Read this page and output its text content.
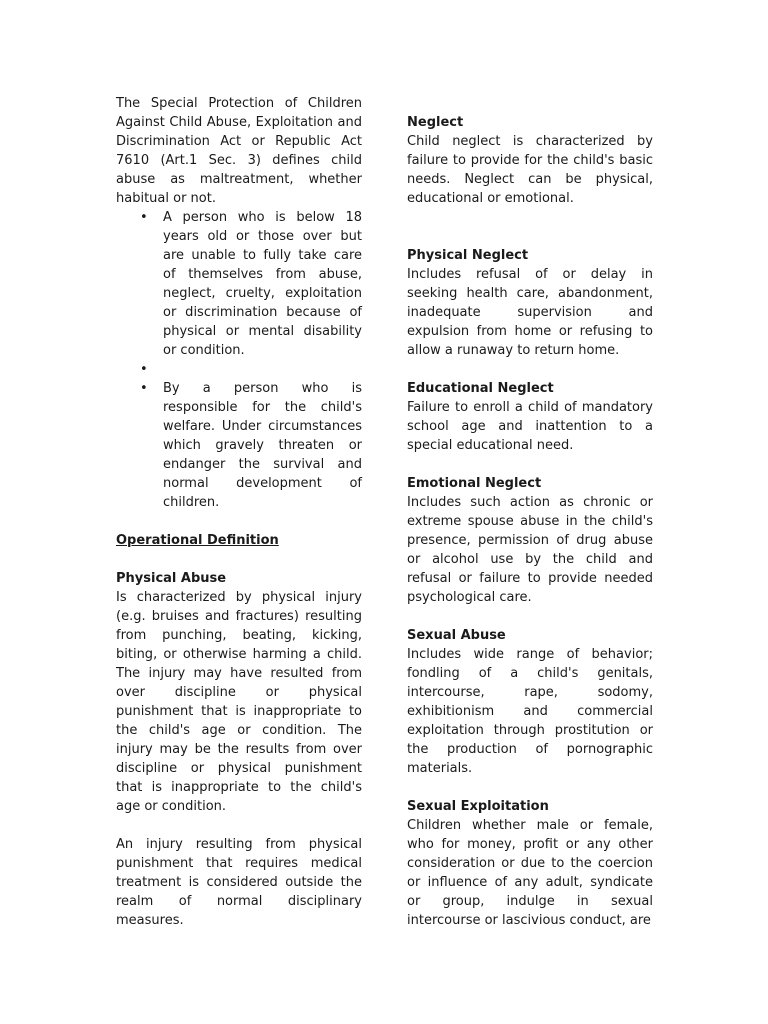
The Special Protection of Children Against Child Abuse, Exploitation and Discrimination Act or Republic Act 7610 (Art.1 Sec. 3) defines child abuse as maltreatment, whether habitual or not.

• A person who is below 18 years old or those over but are unable to fully take care of themselves from abuse, neglect, cruelty, exploitation or discrimination because of physical or mental disability or condition.
•
• By a person who is responsible for the child's welfare. Under circumstances which gravely threaten or endanger the survival and normal development of children.

Operational Definition

Physical Abuse

Is characterized by physical injury (e.g. bruises and fractures) resulting from punching, beating, kicking, biting, or otherwise harming a child. The injury may have resulted from over discipline or physical punishment that is inappropriate to the child's age or condition. The injury may be the results from over discipline or physical punishment that is inappropriate to the child's age or condition.

An injury resulting from physical punishment that requires medical treatment is considered outside the realm of normal disciplinary measures.

Neglect

Child neglect is characterized by failure to provide for the child's basic needs. Neglect can be physical, educational or emotional.

Physical Neglect

Includes refusal of or delay in seeking health care, abandonment, inadequate supervision and expulsion from home or refusing to allow a runaway to return home.

Educational Neglect

Failure to enroll a child of mandatory school age and inattention to a special educational need.

Emotional Neglect

Includes such action as chronic or extreme spouse abuse in the child's presence, permission of drug abuse or alcohol use by the child and refusal or failure to provide needed psychological care.

Sexual Abuse

Includes wide range of behavior; fondling of a child's genitals, intercourse, rape, sodomy, exhibitionism and commercial exploitation through prostitution or the production of pornographic materials.

Sexual Exploitation

Children whether male or female, who for money, profit or any other consideration or due to the coercion or influence of any adult, syndicate or group, indulge in sexual intercourse or lascivious conduct, are
